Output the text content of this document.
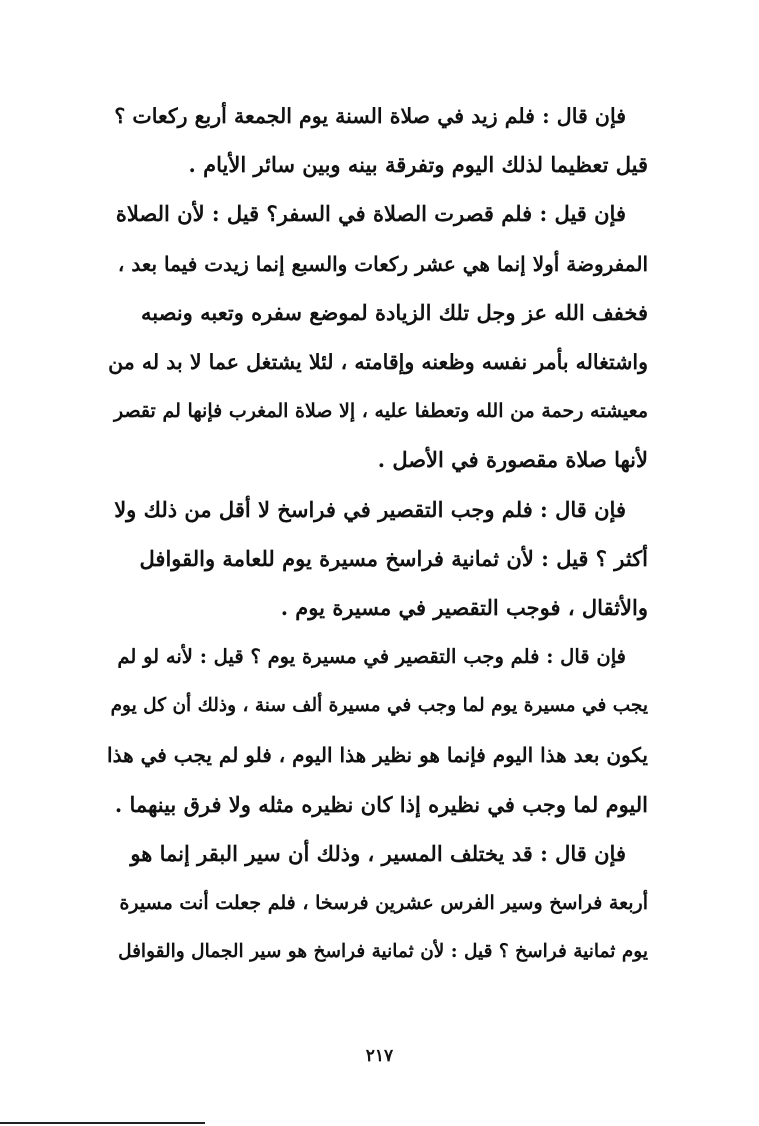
فإن قال : فلم زيد في صلاة السنة يوم الجمعة أربع ركعات ؟
قيل تعظيما لذلك اليوم وتفرقة بينه وبين سائر الأيام .
فإن قيل : فلم قصرت الصلاة في السفر؟ قيل : لأن الصلاة
المفروضة أولا إنما هي عشر ركعات والسبع إنما زيدت فيما بعد ،
فخفف الله عز وجل تلك الزيادة لموضع سفره وتعبه ونصبه
واشتغاله بأمر نفسه وظعنه وإقامته ، لئلا يشتغل عما لا بد له من
معيشته رحمة من الله وتعطفا عليه ، إلا صلاة المغرب فإنها لم تقصر
لأنها صلاة مقصورة في الأصل .
فإن قال : فلم وجب التقصير في فراسخ لا أقل من ذلك ولا
أكثر ؟ قيل : لأن ثمانية فراسخ مسيرة يوم للعامة والقوافل
والأثقال ، فوجب التقصير في مسيرة يوم .
فإن قال : فلم وجب التقصير في مسيرة يوم ؟ قيل : لأنه لو لم
يجب في مسيرة يوم لما وجب في مسيرة ألف سنة ، وذلك أن كل يوم
يكون بعد هذا اليوم فإنما هو نظير هذا اليوم ، فلو لم يجب في هذا
اليوم لما وجب في نظيره إذا كان نظيره مثله ولا فرق بينهما .
فإن قال : قد يختلف المسير ، وذلك أن سير البقر إنما هو
أربعة فراسخ وسير الفرس عشرين فرسخا ، فلم جعلت أنت مسيرة
يوم ثمانية فراسخ ؟ قيل : لأن ثمانية فراسخ هو سير الجمال والقوافل
٢١٧
